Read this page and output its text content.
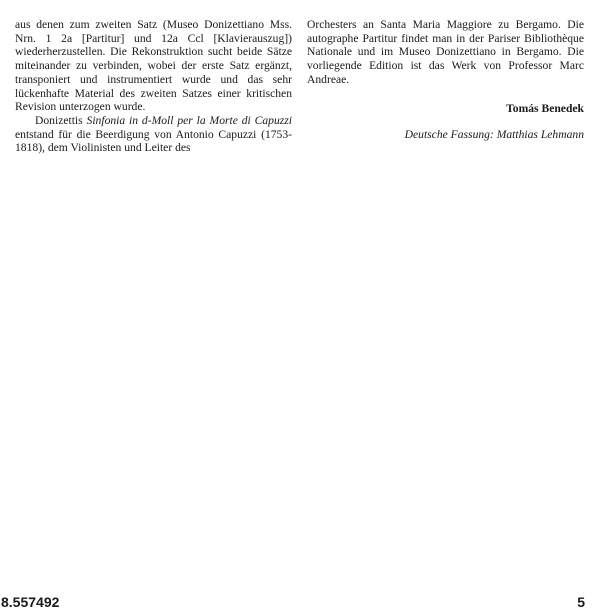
aus denen zum zweiten Satz (Museo Donizettiano Mss. Nrn. 1 2a [Partitur] und 12a Ccl [Klavierauszug]) wiederherzustellen. Die Rekonstruktion sucht beide Sätze miteinander zu verbinden, wobei der erste Satz ergänzt, transponiert und instrumentiert wurde und das sehr lückenhafte Material des zweiten Satzes einer kritischen Revision unterzogen wurde.

Donizettis Sinfonia in d-Moll per la Morte di Capuzzi entstand für die Beerdigung von Antonio Capuzzi (1753-1818), dem Violinisten und Leiter des

Orchesters an Santa Maria Maggiore zu Bergamo. Die autographe Partitur findet man in der Pariser Bibliothèque Nationale und im Museo Donizettiano in Bergamo. Die vorliegende Edition ist das Werk von Professor Marc Andreae.

Tomás Benedek
Deutsche Fassung: Matthias Lehmann
8.557492	5
